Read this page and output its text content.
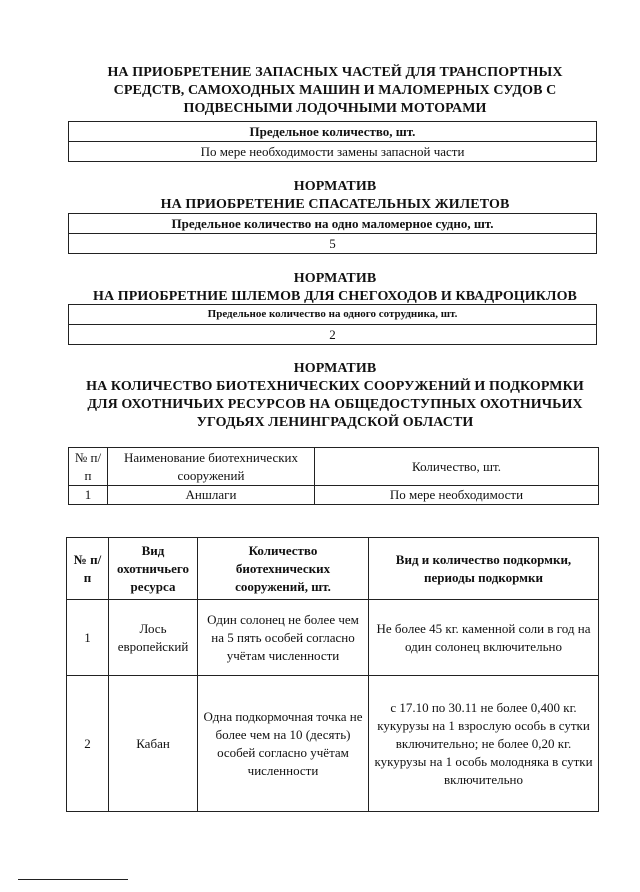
НА ПРИОБРЕТЕНИЕ ЗАПАСНЫХ ЧАСТЕЙ ДЛЯ ТРАНСПОРТНЫХ
СРЕДСТВ, САМОХОДНЫХ МАШИН И МАЛОМЕРНЫХ СУДОВ С
ПОДВЕСНЫМИ ЛОДОЧНЫМИ МОТОРАМИ
Предельное количество, шт.
По мере необходимости замены запасной части
НОРМАТИВ
НА ПРИОБРЕТЕНИЕ СПАСАТЕЛЬНЫХ ЖИЛЕТОВ
Предельное количество на одно маломерное судно, шт.
5
НОРМАТИВ
НА ПРИОБРЕТНИЕ ШЛЕМОВ ДЛЯ СНЕГОХОДОВ И КВАДРОЦИКЛОВ
Предельное количество на одного сотрудника, шт.
2
НОРМАТИВ
НА КОЛИЧЕСТВО БИОТЕХНИЧЕСКИХ СООРУЖЕНИЙ И ПОДКОРМКИ
ДЛЯ ОХОТНИЧЬИХ РЕСУРСОВ НА ОБЩЕДОСТУПНЫХ ОХОТНИЧЬИХ
УГОДЬЯХ ЛЕНИНГРАДСКОЙ ОБЛАСТИ
№ п/п	Наименование биотехнических сооружений	Количество, шт.
1	Аншлаги	По мере необходимости
№ п/п	Вид охотничьего ресурса	Количество биотехнических сооружений, шт.	Вид и количество подкормки, периоды подкормки
1	Лось европейский	Один солонец не более чем на 5 пять особей согласно учётам численности	Не более 45 кг. каменной соли в год на один солонец включительно
2	Кабан	Одна подкормочная точка не более чем на 10 (десять) особей согласно учётам численности	с 17.10 по 30.11 не более 0,400 кг. кукурузы на 1 взрослую особь в сутки включительно; не более 0,20 кг. кукурузы на 1 особь молодняка в сутки включительно
